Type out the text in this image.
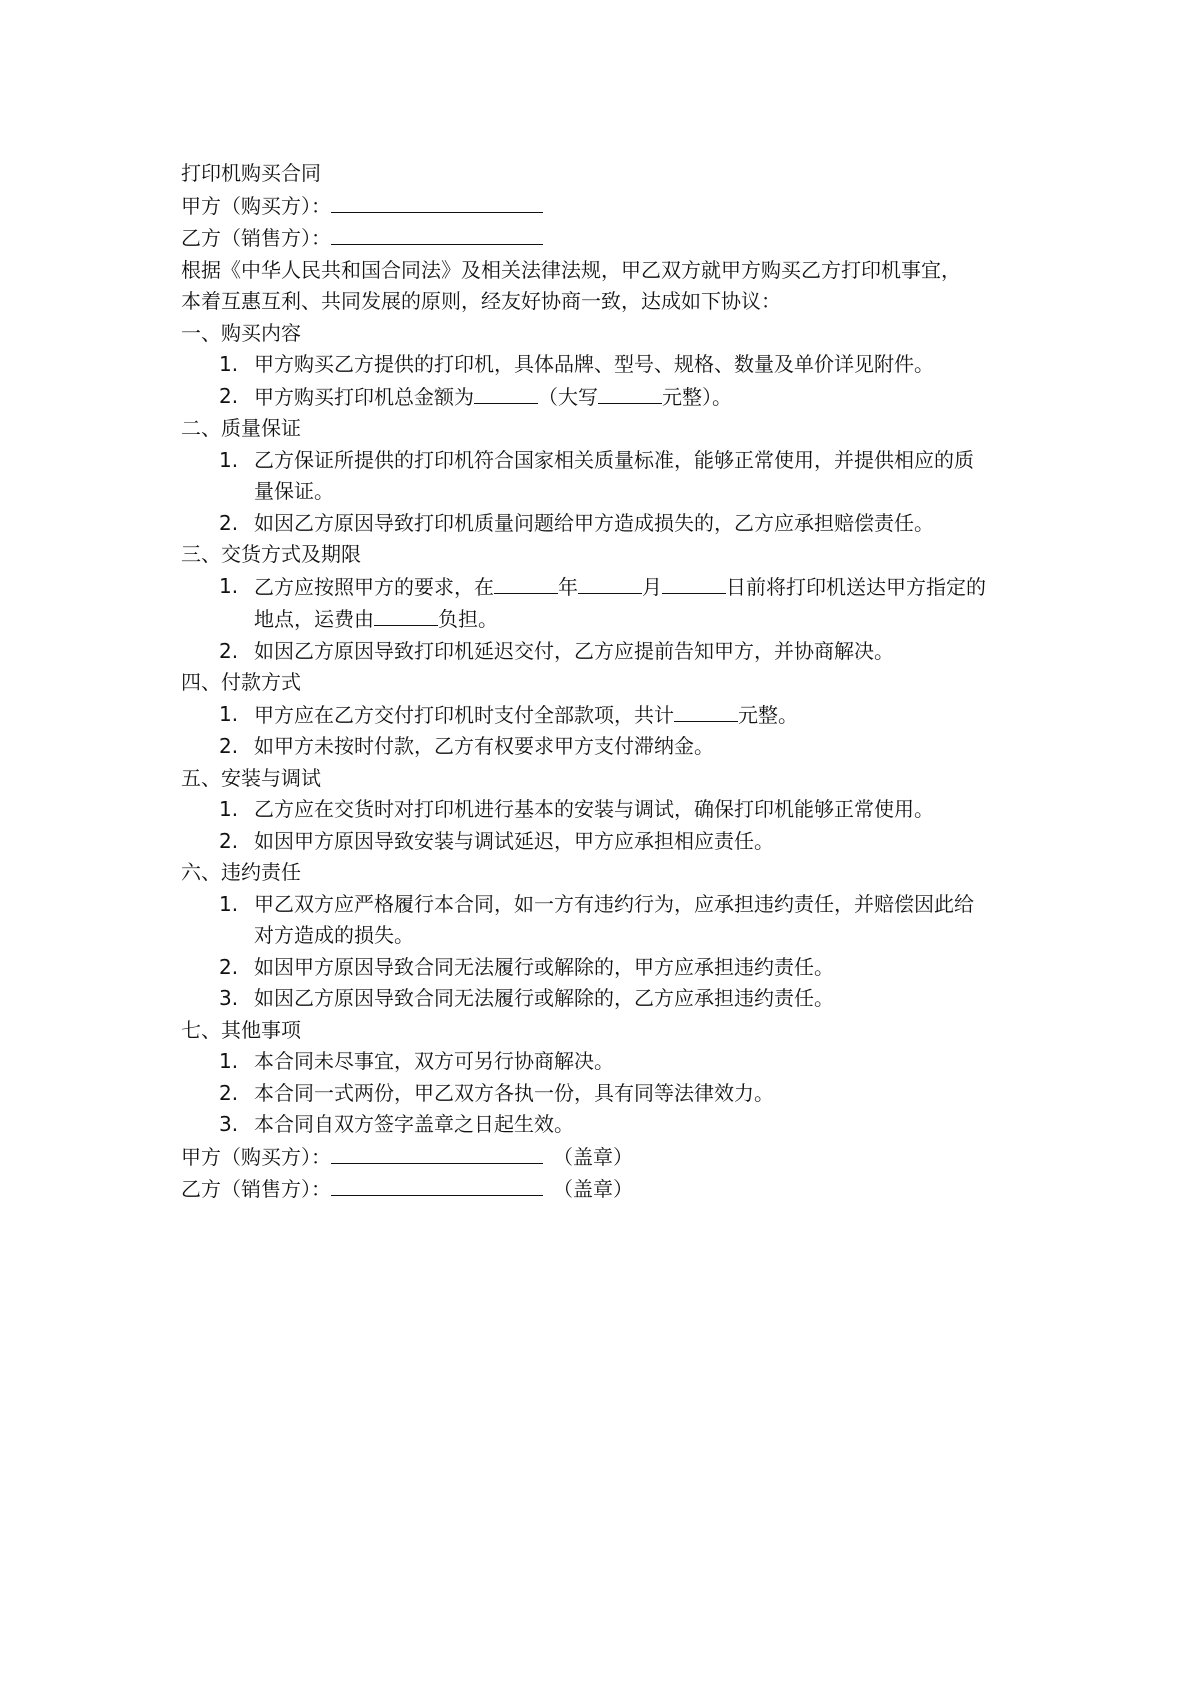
打印机购买合同
甲方（购买方）：
乙方（销售方）：
根据《中华人民共和国合同法》及相关法律法规，甲乙双方就甲方购买乙方打印机事宜，
本着互惠互利、共同发展的原则，经友好协商一致，达成如下协议：
一、购买内容
1. 甲方购买乙方提供的打印机，具体品牌、型号、规格、数量及单价详见附件。
2. 甲方购买打印机总金额为	（大写	元整）。
二、质量保证
1. 乙方保证所提供的打印机符合国家相关质量标准，能够正常使用，并提供相应的质
量保证。
2. 如因乙方原因导致打印机质量问题给甲方造成损失的，乙方应承担赔偿责任。
三、交货方式及期限
1. 乙方应按照甲方的要求，在	年	月	日前将打印机送达甲方指定的
地点，运费由	负担。
2. 如因乙方原因导致打印机延迟交付，乙方应提前告知甲方，并协商解决。
四、付款方式
1. 甲方应在乙方交付打印机时支付全部款项，共计	元整。
2. 如甲方未按时付款，乙方有权要求甲方支付滞纳金。
五、安装与调试
1. 乙方应在交货时对打印机进行基本的安装与调试，确保打印机能够正常使用。
2. 如因甲方原因导致安装与调试延迟，甲方应承担相应责任。
六、违约责任
1. 甲乙双方应严格履行本合同，如一方有违约行为，应承担违约责任，并赔偿因此给
对方造成的损失。
2. 如因甲方原因导致合同无法履行或解除的，甲方应承担违约责任。
3. 如因乙方原因导致合同无法履行或解除的，乙方应承担违约责任。
七、其他事项
1. 本合同未尽事宜，双方可另行协商解决。
2. 本合同一式两份，甲乙双方各执一份，具有同等法律效力。
3. 本合同自双方签字盖章之日起生效。
甲方（购买方）：	（盖章）
乙方（销售方）：	（盖章）
